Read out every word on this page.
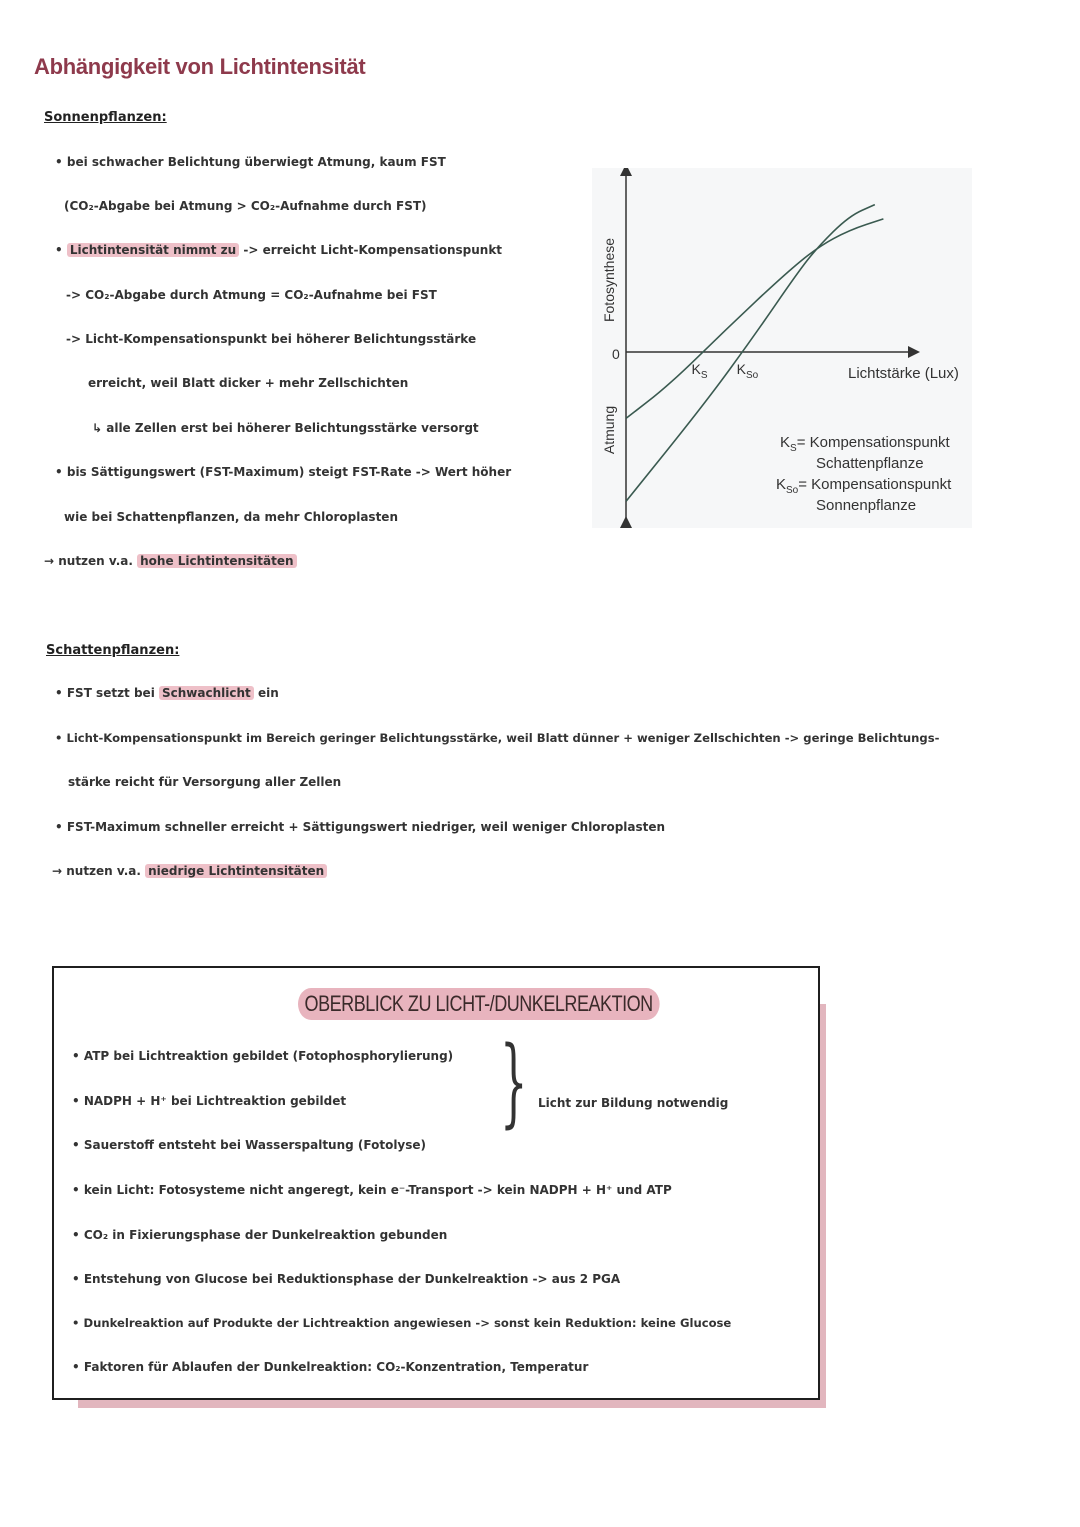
Abhängigkeit von Lichtintensität
Sonnenpflanzen:
• bei schwacher Belichtung überwiegt Atmung, kaum FST
(CO₂-Abgabe bei Atmung > CO₂-Aufnahme durch FST)
• Lichtintensität nimmt zu -> erreicht Licht-Kompensationspunkt
-> CO₂-Abgabe durch Atmung = CO₂-Aufnahme bei FST
-> Licht-Kompensationspunkt bei höherer Belichtungsstärke
erreicht, weil Blatt dicker + mehr Zellschichten
↳ alle Zellen erst bei höherer Belichtungsstärke versorgt
• bis Sättigungswert (FST-Maximum) steigt FST-Rate -> Wert höher
wie bei Schattenpflanzen, da mehr Chloroplasten
→ nutzen v.a. hohe Lichtintensitäten
Fotosynthese
Atmung
0
Lichtstärke (Lux)
$K_S$ $K_{So}$
$K_S=$ Kompensationspunkt
Schattenpflanze
$K_{So}=$ Kompensationspunkt
Sonnenpflanze
Schattenpflanzen:
• FST setzt bei Schwachlicht ein
• Licht-Kompensationspunkt im Bereich geringer Belichtungsstärke, weil Blatt dünner + weniger Zellschichten -> geringe Belichtungs-
stärke reicht für Versorgung aller Zellen
• FST-Maximum schneller erreicht + Sättigungswert niedriger, weil weniger Chloroplasten
→ nutzen v.a. niedrige Lichtintensitäten
OBERBLICK ZU LICHT-/DUNKELREAKTION
• ATP bei Lichtreaktion gebildet (Fotophosphorylierung)
• NADPH + H⁺ bei Lichtreaktion gebildet
• Sauerstoff entsteht bei Wasserspaltung (Fotolyse)
} Licht zur Bildung notwendig
• kein Licht: Fotosysteme nicht angeregt, kein e⁻-Transport -> kein NADPH + H⁺ und ATP
• CO₂ in Fixierungsphase der Dunkelreaktion gebunden
• Entstehung von Glucose bei Reduktionsphase der Dunkelreaktion -> aus 2 PGA
• Dunkelreaktion auf Produkte der Lichtreaktion angewiesen -> sonst kein Reduktion: keine Glucose
• Faktoren für Ablaufen der Dunkelreaktion: CO₂-Konzentration, Temperatur
